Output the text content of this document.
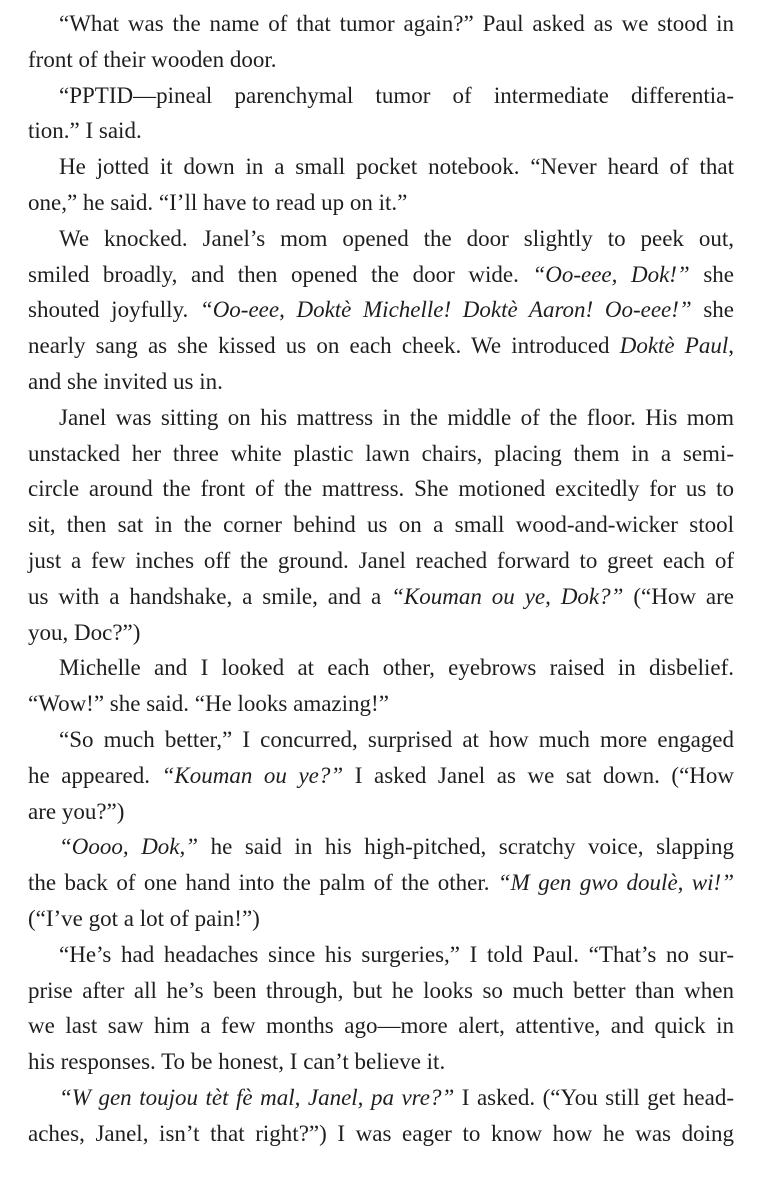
“What was the name of that tumor again?” Paul asked as we stood in
front of their wooden door.
“PPTID—pineal parenchymal tumor of intermediate differentia-
tion.” I said.
He jotted it down in a small pocket notebook. “Never heard of that
one,” he said. “I’ll have to read up on it.”
We knocked. Janel’s mom opened the door slightly to peek out,
smiled broadly, and then opened the door wide. “Oo-eee, Dok!” she
shouted joyfully. “Oo-eee, Doktè Michelle! Doktè Aaron! Oo-eee!” she
nearly sang as she kissed us on each cheek. We introduced Doktè Paul,
and she invited us in.
Janel was sitting on his mattress in the middle of the floor. His mom
unstacked her three white plastic lawn chairs, placing them in a semi-
circle around the front of the mattress. She motioned excitedly for us to
sit, then sat in the corner behind us on a small wood-and-wicker stool
just a few inches off the ground. Janel reached forward to greet each of
us with a handshake, a smile, and a “Kouman ou ye, Dok?” (“How are
you, Doc?”)
Michelle and I looked at each other, eyebrows raised in disbelief.
“Wow!” she said. “He looks amazing!”
“So much better,” I concurred, surprised at how much more engaged
he appeared. “Kouman ou ye?” I asked Janel as we sat down. (“How
are you?”)
“Oooo, Dok,” he said in his high-pitched, scratchy voice, slapping
the back of one hand into the palm of the other. “M gen gwo doulè, wi!”
(“I’ve got a lot of pain!”)
“He’s had headaches since his surgeries,” I told Paul. “That’s no sur-
prise after all he’s been through, but he looks so much better than when
we last saw him a few months ago—more alert, attentive, and quick in
his responses. To be honest, I can’t believe it.
“W gen toujou tèt fè mal, Janel, pa vre?” I asked. (“You still get head-
aches, Janel, isn’t that right?”) I was eager to know how he was doing
